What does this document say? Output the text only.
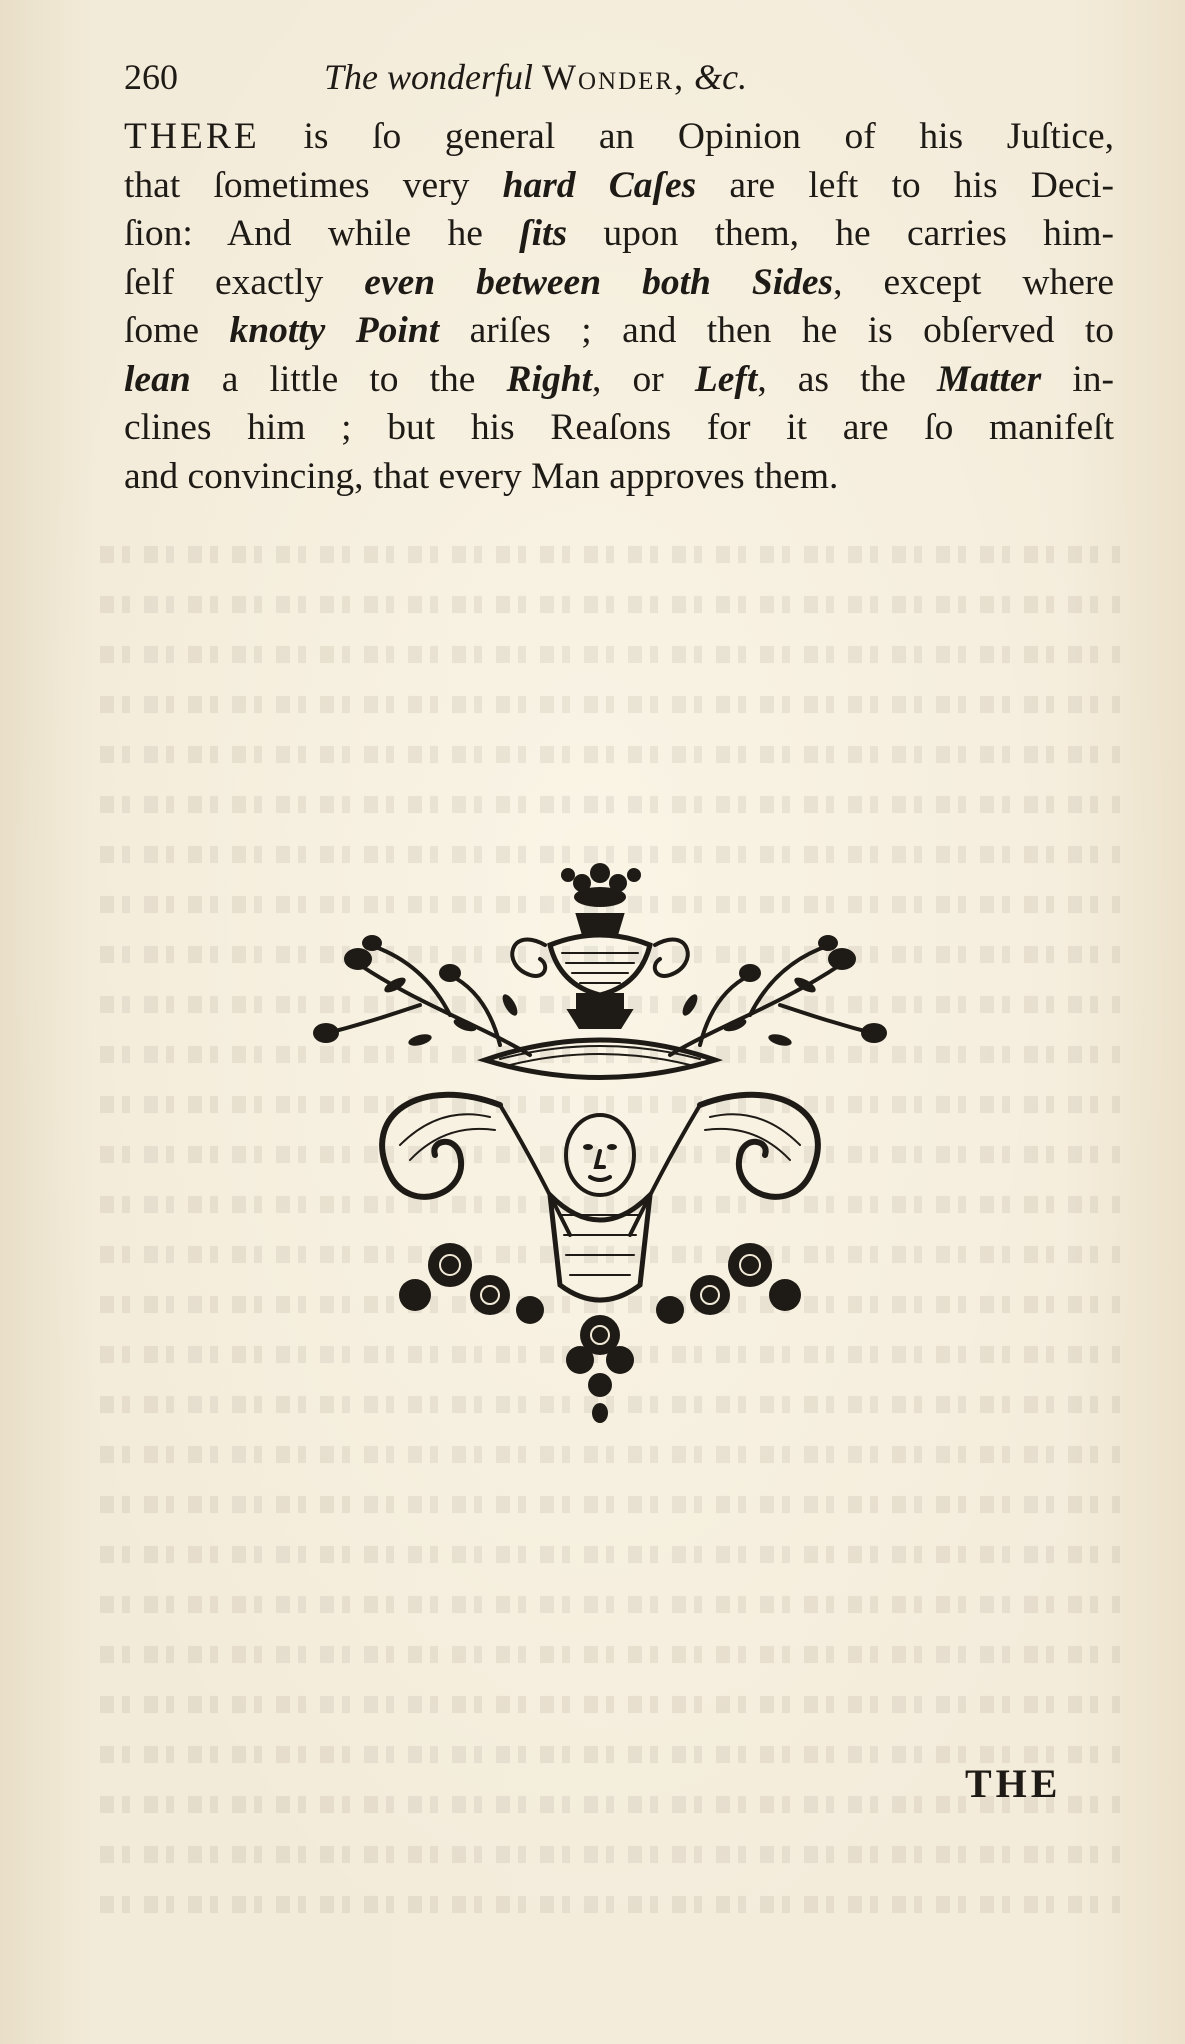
260	The wonderful Wonder, &c.
THERE is ſo general an Opinion of his Juſtice,
that ſometimes very hard Caſes are left to his Deci-
ſion: And while he ſits upon them, he carries him-
ſelf exactly even between both Sides, except where
ſome knotty Point ariſes ; and then he is obſerved to
lean a little to the Right, or Left, as the Matter in-
clines him ; but his Reaſons for it are ſo manifeſt
and convincing, that every Man approves them.
THE
